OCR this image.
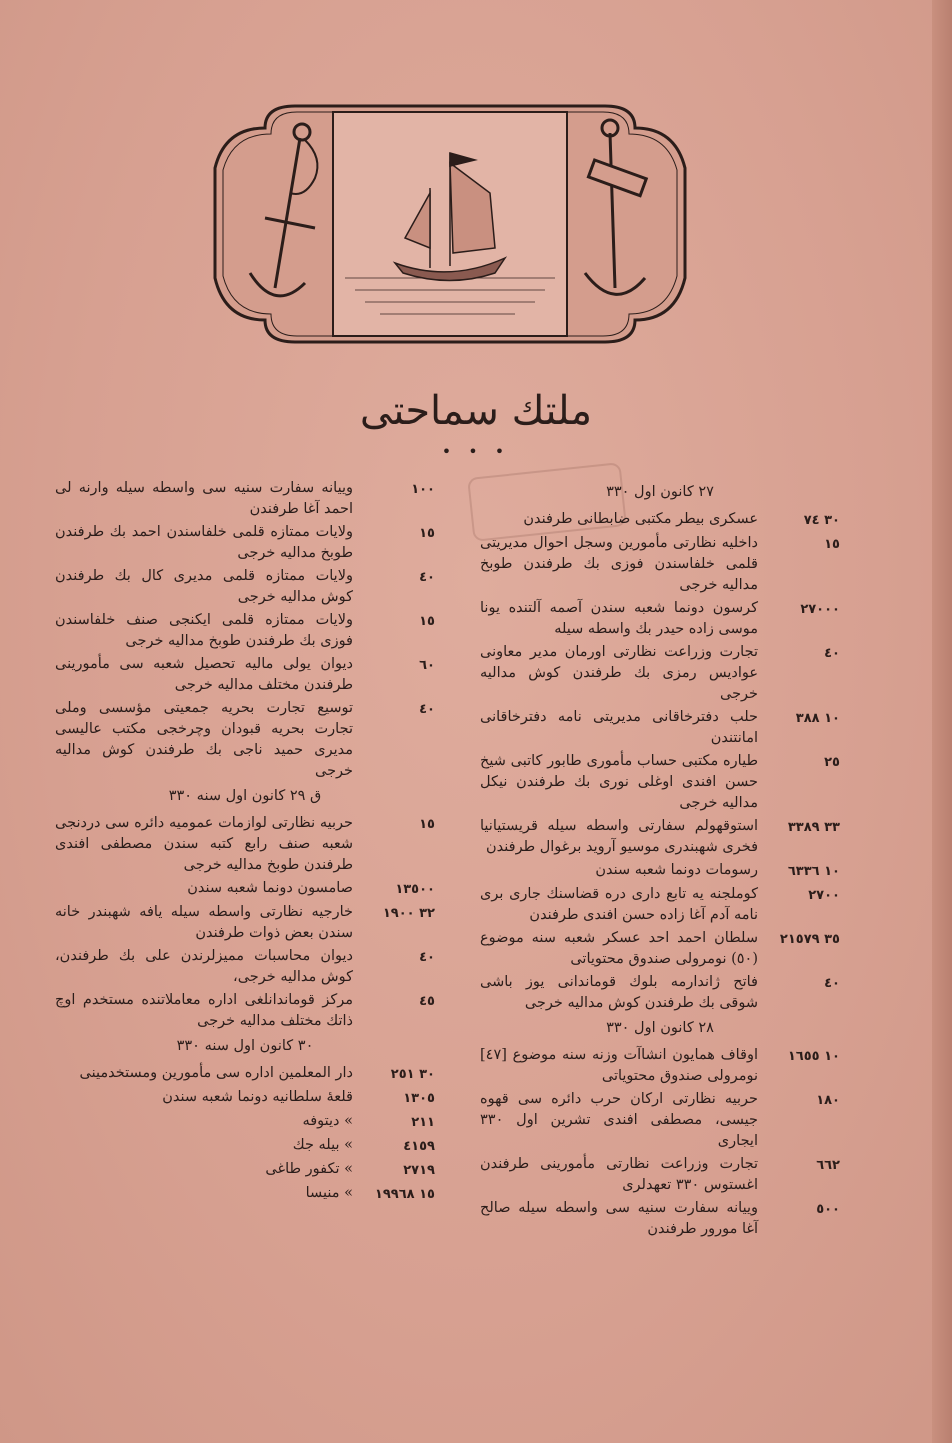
ملتك سماحتى
• • •
٢٧ كانون اول ٣٣٠
٣٠ ٧٤
عسكرى بيطر مكتبى ضابطانى طرفندن
١٥
داخليه نظارتى مأمورين وسجل احوال مديريتى قلمى خلفاسندن فوزى بك طرفندن طوبخ مداليه خرجى
٢٧٠٠٠
كرسون دونما شعبه سندن آصمه آلتنده يونا موسى زاده حيدر بك واسطه سيله
٤٠
تجارت وزراعت نظارتى اورمان مدير معاونى عواديس رمزى بك طرفندن كوش مداليه خرجى
١٠ ٣٨٨
حلب دفترخاقانى مديريتى نامه دفترخاقانى امانتندن
٢٥
طياره مكتبى حساب مأمورى طابور كاتبى شيخ حسن افندى اوغلى نورى بك طرفندن نيكل مداليه خرجى
٣٣ ٣٣٨٩
استوقهولم سفارتى واسطه سيله قريستيانيا فخرى شهبندرى موسيو آرويد برغوال طرفندن
١٠ ٦٣٣٦
رسومات دونما شعبه سندن
٢٧٠٠
كوملجنه يه تابع دارى دره قضاسنك جارى برى نامه آدم آغا زاده حسن افندى طرفندن
٣٥ ٢١٥٧٩
سلطان احمد احد عسكر شعبه سنه موضوع (٥٠) نومرولى صندوق محتوياتى
٤٠
فاتح ژاندارمه بلوك قوماندانى يوز باشى شوقى بك طرفندن كوش مداليه خرجى
٢٨ كانون اول ٣٣٠
١٠ ١٦٥٥
اوقاف همايون انشاآت وزنه سنه موضوع [٤٧] نومرولى صندوق محتوياتى
١٨٠
حربيه نظارتى اركان حرب دائره سى قهوه جيسى، مصطفى افندى تشرين اول ٣٣٠ ايجارى
٦٦٢
تجارت وزراعت نظارتى مأمورينى طرفندن اغستوس ٣٣٠ تعهدلرى
٥٠٠
وييانه سفارت سنيه سى واسطه سيله صالح آغا مورور طرفندن
١٠٠
وييانه سفارت سنيه سى واسطه سيله وارنه لى احمد آغا طرفندن
١٥
ولايات ممتازه قلمى خلفاسندن احمد بك طرفندن طوبخ مداليه خرجى
٤٠
ولايات ممتازه قلمى مديرى كال بك طرفندن كوش مداليه خرجى
١٥
ولايات ممتازه قلمى ايكنجى صنف خلفاسندن فوزى بك طرفندن طوبخ مداليه خرجى
٦٠
ديوان يولى ماليه تحصيل شعبه سى مأمورينى طرفندن مختلف مداليه خرجى
٤٠
توسيع تجارت بحريه جمعيتى مؤسسى وملى تجارت بحريه قبودان وچرخجى مكتب عاليسى مديرى حميد ناجى بك طرفندن كوش مداليه خرجى
ق ٢٩ كانون اول سنه ٣٣٠
١٥
حربيه نظارتى لوازمات عموميه دائره سى دردنجى شعبه صنف رابع كتبه سندن مصطفى افندى طرفندن طوبخ مداليه خرجى
١٣٥٠٠
صامسون دونما شعبه سندن
٣٢ ١٩٠٠
خارجيه نظارتى واسطه سيله يافه شهبندر خانه سندن بعض ذوات طرفندن
٤٠
ديوان محاسبات مميزلرندن على بك طرفندن، كوش مداليه خرجى،
٤٥
مركز قوماندانلغى اداره معاملاتنده مستخدم اوچ ذاتك مختلف مداليه خرجى
٣٠ كانون اول سنه ٣٣٠
٣٠ ٢٥١
دار المعلمين اداره سى مأمورين ومستخدمينى
١٣٠٥
قلعهٔ سلطانيه دونما شعبه سندن
٢١١
» ديتوفه
٤١٥٩
» بيله جك
٢٧١٩
» تكفور طاغى
١٥ ١٩٩٦٨
» منيسا
